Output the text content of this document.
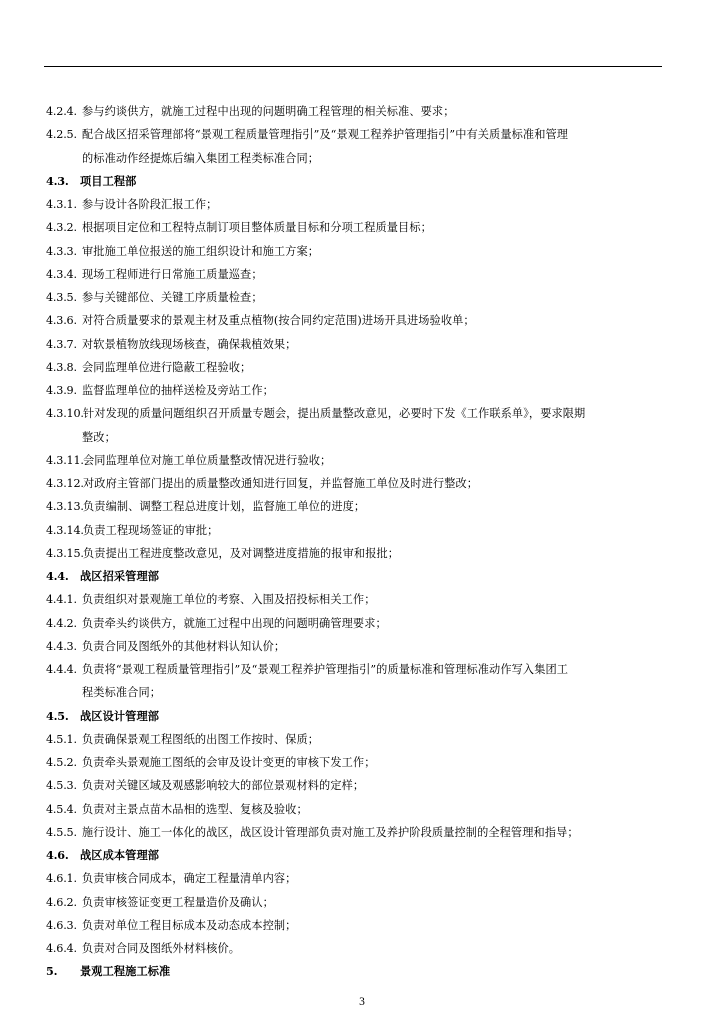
4.2.4. 参与约谈供方，就施工过程中出现的问题明确工程管理的相关标准、要求；
4.2.5. 配合战区招采管理部将“景观工程质量管理指引”及“景观工程养护管理指引”中有关质量标准和管理
的标准动作经提炼后编入集团工程类标准合同；
4.3. 项目工程部
4.3.1. 参与设计各阶段汇报工作；
4.3.2. 根据项目定位和工程特点制订项目整体质量目标和分项工程质量目标；
4.3.3. 审批施工单位报送的施工组织设计和施工方案；
4.3.4. 现场工程师进行日常施工质量巡查；
4.3.5. 参与关键部位、关键工序质量检查；
4.3.6. 对符合质量要求的景观主材及重点植物(按合同约定范围)进场开具进场验收单；
4.3.7. 对软景植物放线现场核查，确保栽植效果；
4.3.8. 会同监理单位进行隐蔽工程验收；
4.3.9. 监督监理单位的抽样送检及旁站工作；
4.3.10. 针对发现的质量问题组织召开质量专题会，提出质量整改意见，必要时下发《工作联系单》，要求限期
整改；
4.3.11. 会同监理单位对施工单位质量整改情况进行验收；
4.3.12. 对政府主管部门提出的质量整改通知进行回复，并监督施工单位及时进行整改；
4.3.13. 负责编制、调整工程总进度计划，监督施工单位的进度；
4.3.14. 负责工程现场签证的审批；
4.3.15. 负责提出工程进度整改意见，及对调整进度措施的报审和报批；
4.4. 战区招采管理部
4.4.1. 负责组织对景观施工单位的考察、入围及招投标相关工作；
4.4.2. 负责牵头约谈供方，就施工过程中出现的问题明确管理要求；
4.4.3. 负责合同及图纸外的其他材料认知认价；
4.4.4. 负责将“景观工程质量管理指引”及“景观工程养护管理指引”的质量标准和管理标准动作写入集团工
程类标准合同；
4.5. 战区设计管理部
4.5.1. 负责确保景观工程图纸的出图工作按时、保质；
4.5.2. 负责牵头景观施工图纸的会审及设计变更的审核下发工作；
4.5.3. 负责对关键区域及观感影响较大的部位景观材料的定样；
4.5.4. 负责对主景点苗木品相的选型、复核及验收；
4.5.5. 施行设计、施工一体化的战区，战区设计管理部负责对施工及养护阶段质量控制的全程管理和指导；
4.6. 战区成本管理部
4.6.1. 负责审核合同成本，确定工程量清单内容；
4.6.2. 负责审核签证变更工程量造价及确认；
4.6.3. 负责对单位工程目标成本及动态成本控制；
4.6.4. 负责对合同及图纸外材料核价。
5. 景观工程施工标准
3
